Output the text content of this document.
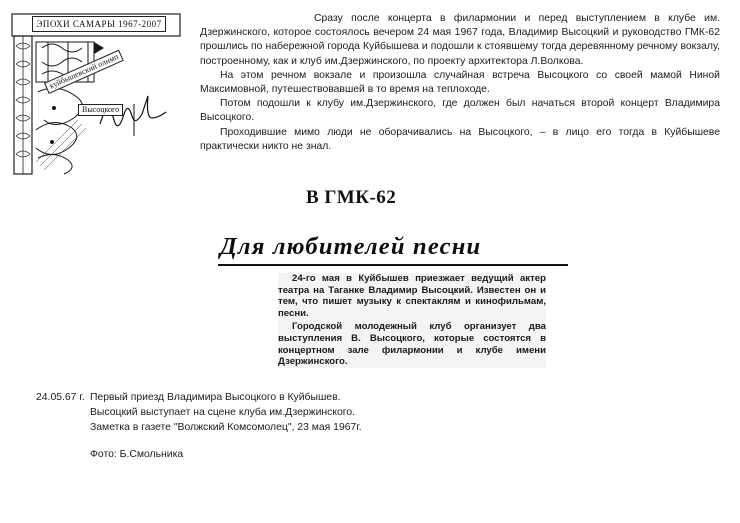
ЭПОХИ САМАРЫ 1967-2007
куйбышевский олимп
Высоцкого

Сразу после концерта в филармонии и перед выступлением в клубе им. Дзержинского, которое состоялось вечером 24 мая 1967 года, Владимир Высоцкий и руководство ГМК-62 прошлись по набережной города Куйбышева и подошли к стоявшему тогда деревянному речному вокзалу, построенному, как и клуб им.Дзержинского, по проекту архитектора Л.Волкова.

На этом речном вокзале и произошла случайная встреча Высоцкого со своей мамой Ниной Максимовной, путешествовавшей в то время на теплоходе.

Потом подошли к клубу им.Дзержинского, где должен был начаться второй концерт Владимира Высоцкого.

Проходившие мимо люди не оборачивались на Высоцкого, – в лицо его тогда в Куйбышеве практически никто не знал.

В ГМК-62
Для любителей песни

24-го мая в Куйбышев приезжает ведущий актер театра на Таганке Владимир Высоцкий. Известен он и тем, что пишет музыку к спектаклям и кинофильмам, песни.

Городской молодежный клуб организует два выступления В. Высоцкого, которые состоятся в концертном зале филармонии и клубе имени Дзержинского.

24.05.67 г. Первый приезд Владимира Высоцкого в Куйбышев.
Высоцкий выступает на сцене клуба им.Дзержинского.
Заметка в газете "Волжский Комсомолец", 23 мая 1967г.
Фото: Б.Смольника
